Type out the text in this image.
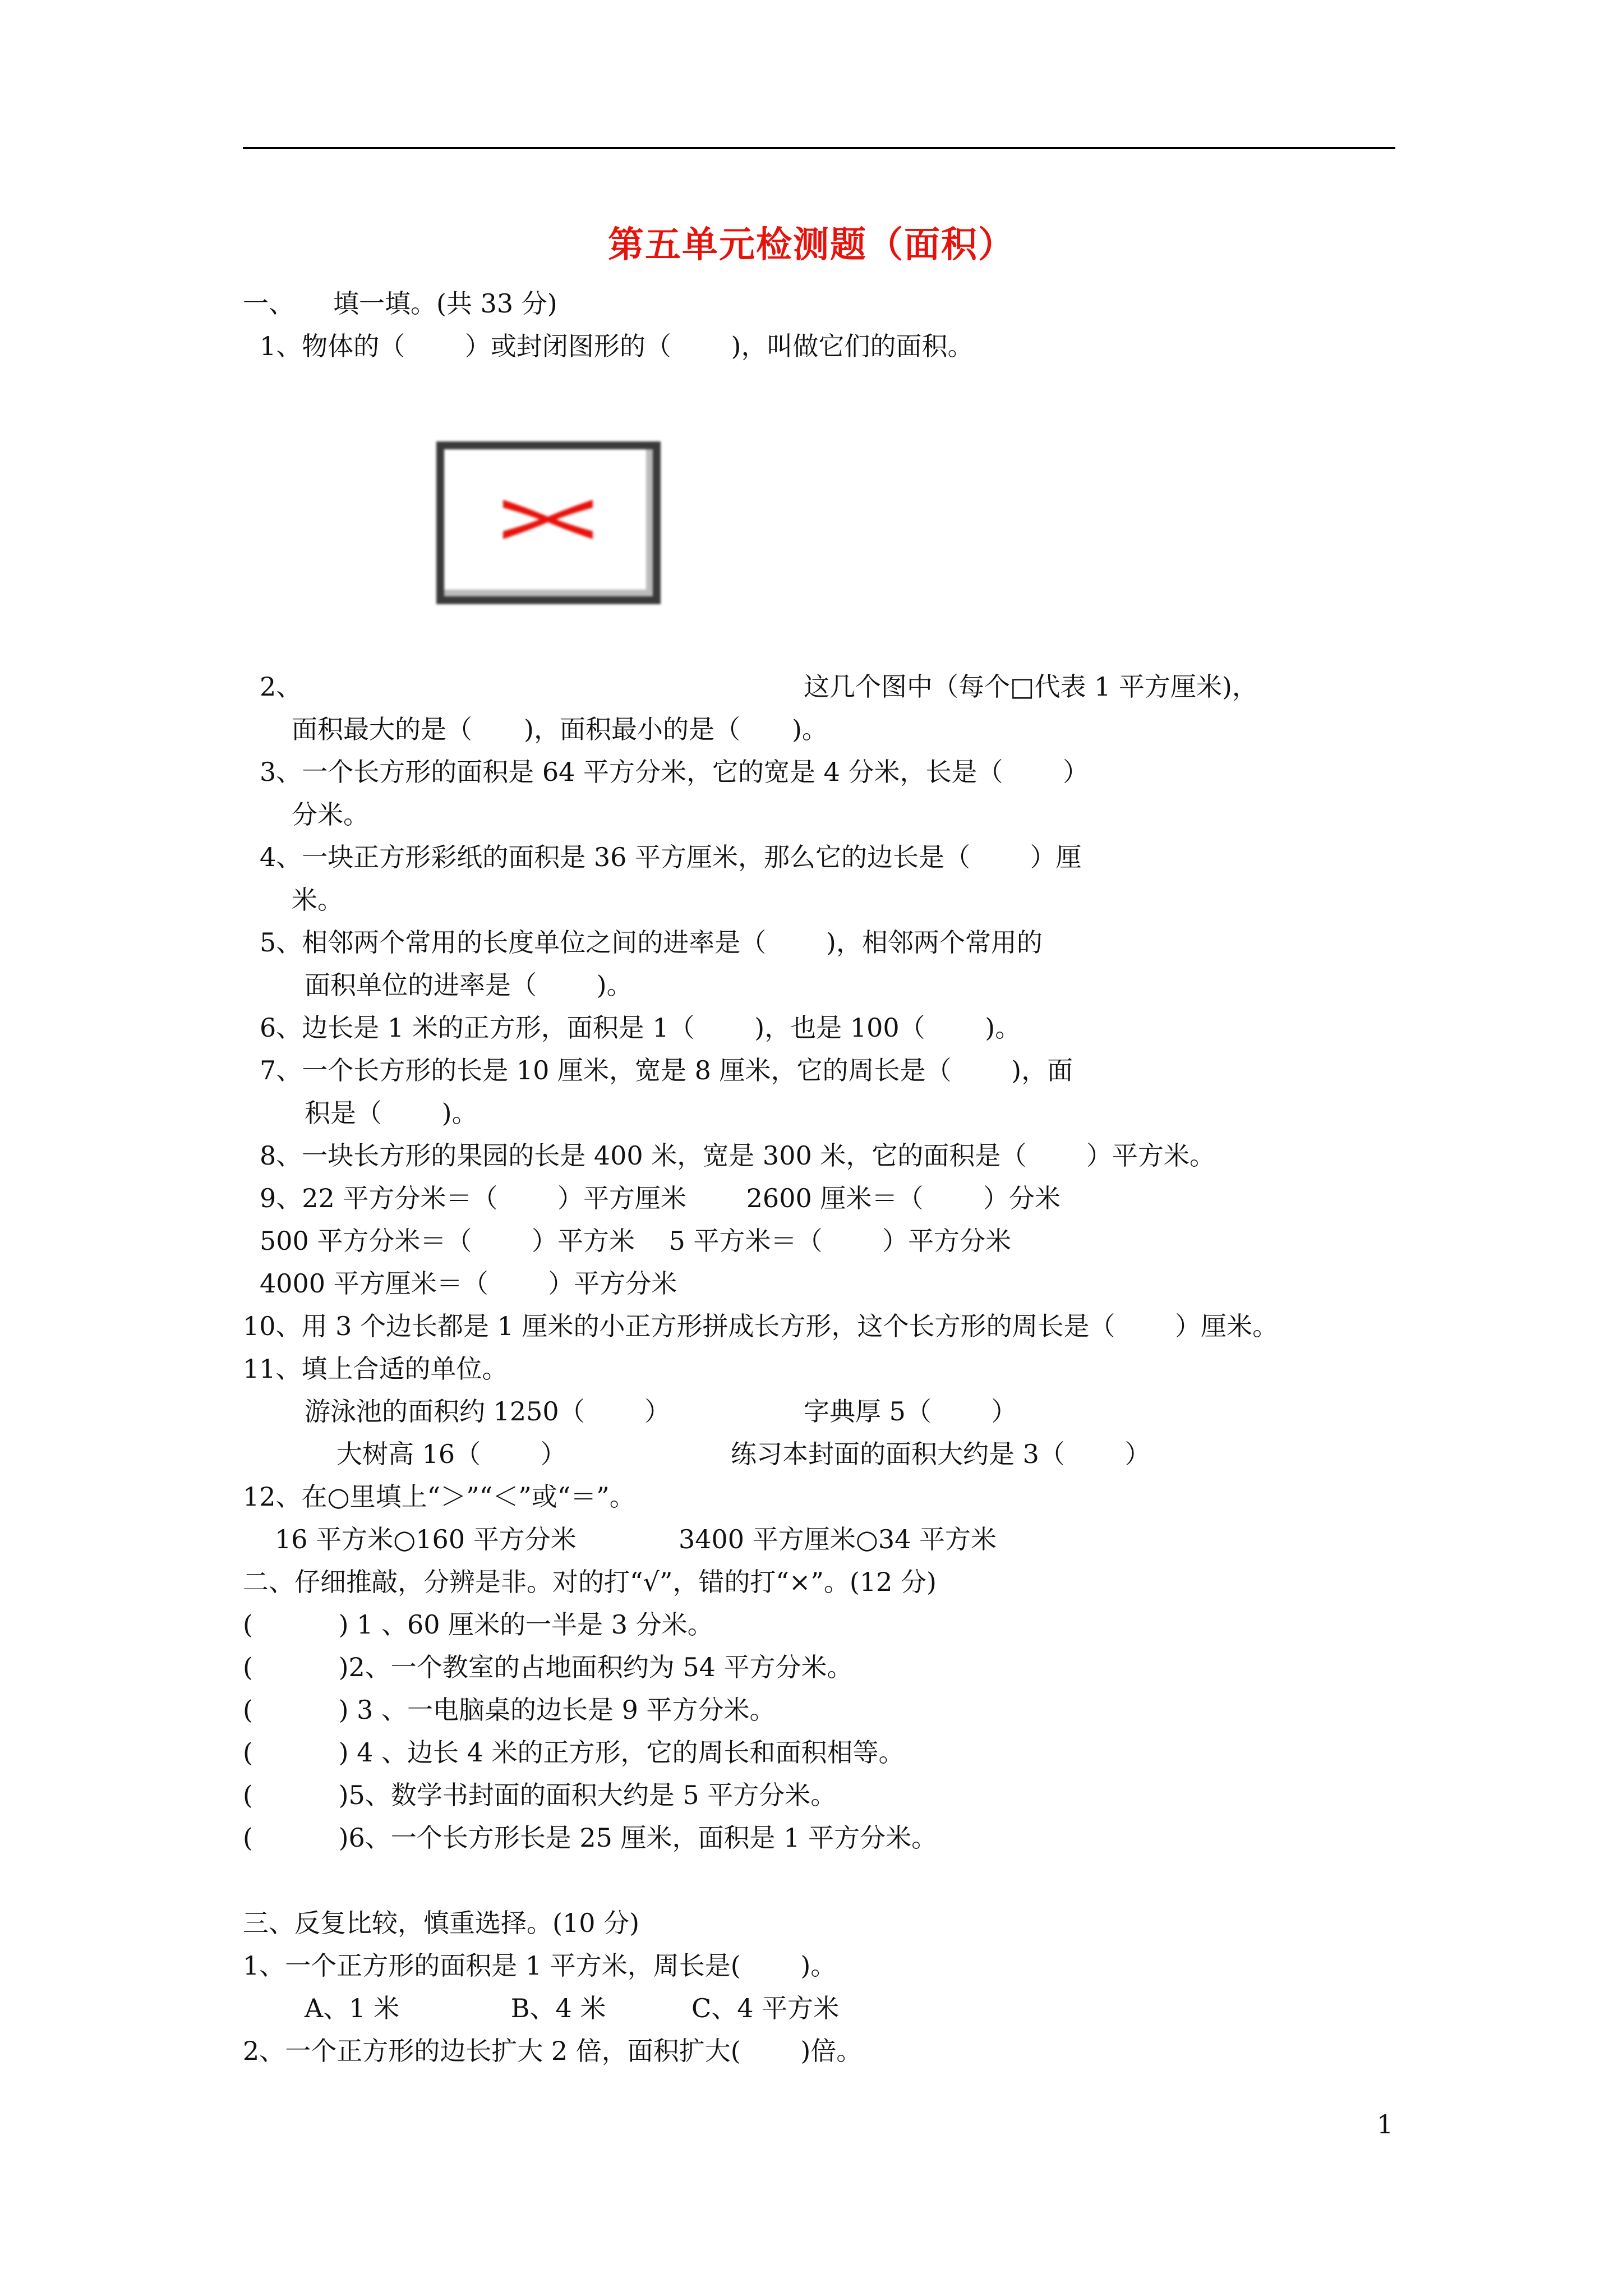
第五单元检测题（面积）
一、　　填一填。(共 33 分)
1、物体的（　　 ）或封闭图形的（　　 )，叫做它们的面积。
2、	这几个图中（每个□代表 1 平方厘米)，
面积最大的是（　　)，面积最小的是（　　)。
3、一个长方形的面积是 64 平方分米，它的宽是 4 分米，长是（　　 ）
分米。
4、一块正方形彩纸的面积是 36 平方厘米，那么它的边长是（　　 ）厘
米。
5、相邻两个常用的长度单位之间的进率是（　　 )，相邻两个常用的
面积单位的进率是（　　 )。
6、边长是 1 米的正方形，面积是 1（　　 )，也是 100（　　 )。
7、一个长方形的长是 10 厘米，宽是 8 厘米，它的周长是（　　 )，面
积是（　　 )。
8、一块长方形的果园的长是 400 米，宽是 300 米，它的面积是（　　 ）平方米。
9、22 平方分米＝（　　 ）平方厘米　　 2600 厘米＝（　　 ）分米
500 平方分米＝（　　 ）平方米　 5 平方米＝（　　 ）平方分米
4000 平方厘米＝（　　 ）平方分米
10、用 3 个边长都是 1 厘米的小正方形拼成长方形，这个长方形的周长是（　　 ）厘米。
11、填上合适的单位。
游泳池的面积约 1250（　　 ）	字典厚 5（　　 ）
大树高 16（　　 ）	练习本封面的面积大约是 3（　　 ）
12、在○里填上“＞”“＜”或“＝”。
16 平方米○160 平方分米	3400 平方厘米○34 平方米
二、仔细推敲，分辨是非。对的打“√”，错的打“×”。(12 分)
(　　　 ) 1 、60 厘米的一半是 3 分米。
(　　　 )2、一个教室的占地面积约为 54 平方分米。
(　　　 ) 3 、一电脑桌的边长是 9 平方分米。
(　　　 ) 4 、边长 4 米的正方形，它的周长和面积相等。
(　　　 )5、数学书封面的面积大约是 5 平方分米。
(　　　 )6、一个长方形长是 25 厘米，面积是 1 平方分米。
三、反复比较，慎重选择。(10 分)
1、一个正方形的面积是 1 平方米，周长是(　　 )。
A、1 米　　　　 B、4 米　　　 C、4 平方米
2、一个正方形的边长扩大 2 倍，面积扩大(　　 )倍。
1
